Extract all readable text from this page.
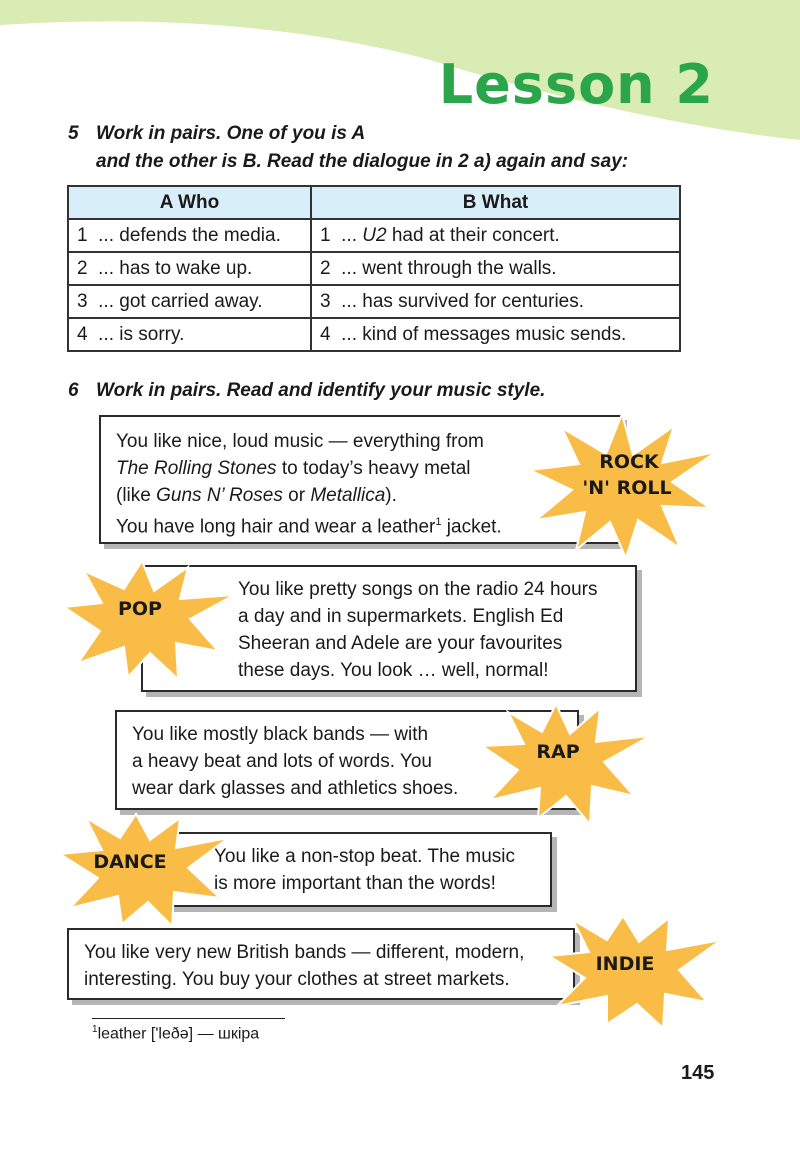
Lesson 2
5 Work in pairs. One of you is A
and the other is B. Read the dialogue in 2 a) again and say:
A Who	B What
1 ... defends the media.	1 ... U2 had at their concert.
2 ... has to wake up.	2 ... went through the walls.
3 ... got carried away.	3 ... has survived for centuries.
4 ... is sorry.	4 ... kind of messages music sends.
6 Work in pairs. Read and identify your music style.

You like nice, loud music — everything from

The Rolling Stones to today’s heavy metal

(like Guns N’ Roses or Metallica).

You have long hair and wear a leather$^1$ jacket.

ROCK
'N' ROLL

You like pretty songs on the radio 24 hours

a day and in supermarkets. English Ed

Sheeran and Adele are your favourites

these days. You look … well, normal!

POP

You like mostly black bands — with

a heavy beat and lots of words. You

wear dark glasses and athletics shoes.

RAP

You like a non-stop beat. The music

is more important than the words!

DANCE

You like very new British bands — different, modern,

interesting. You buy your clothes at street markets.

INDIE
$^1$leather ['leðə] — шкіра
145
